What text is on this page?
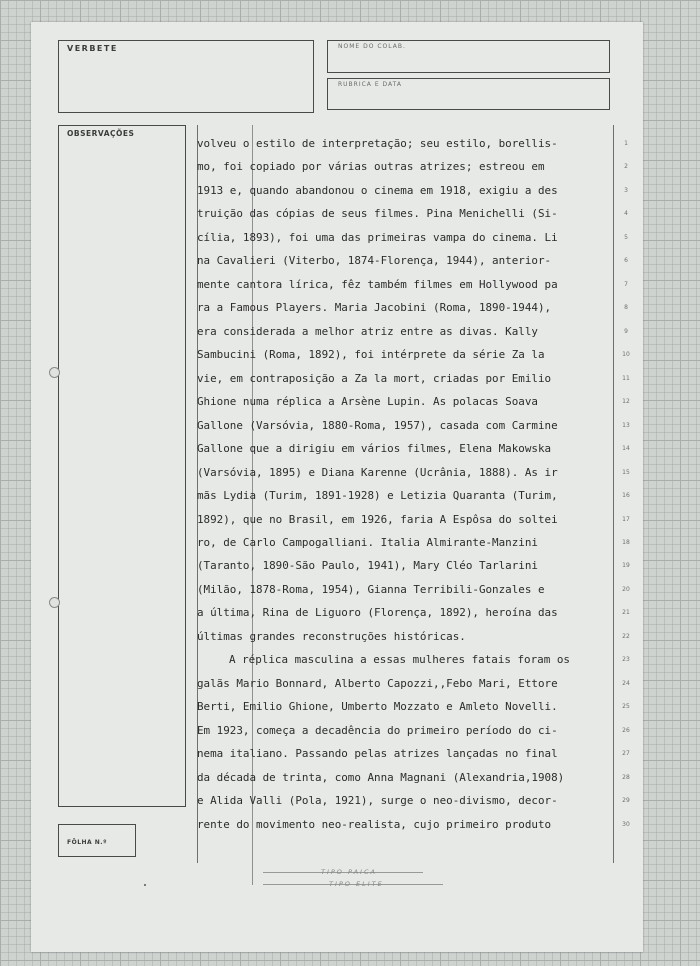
VERBETE	NOME DO COLAB.
RUBRICA E DATA
OBSERVAÇÕES
FÔLHA N.º
volveu o estilo de interpretação; seu estilo, borellis-
mo, foi copiado por várias outras atrizes; estreou em
1913 e, quando abandonou o cinema em 1918, exigiu a des
truição das cópias de seus filmes. Pina Menichelli (Si-
cília, 1893), foi uma das primeiras vampa do cinema. Li
na Cavalieri (Viterbo, 1874-Florença, 1944), anterior-
mente cantora lírica, fêz também filmes em Hollywood pa
ra a Famous Players. Maria Jacobini (Roma, 1890-1944),
era considerada a melhor atriz entre as divas. Kally
Sambucini (Roma, 1892), foi intérprete da série Za la
vie, em contraposição a Za la mort, criadas por Emilio
Ghione numa réplica a Arsène Lupin. As polacas Soava
Gallone (Varsóvia, 1880-Roma, 1957), casada com Carmine
Gallone que a dirigiu em vários filmes, Elena Makowska
(Varsóvia, 1895) e Diana Karenne (Ucrânia, 1888). As ir
mãs Lydia (Turim, 1891-1928) e Letizia Quaranta (Turim,
1892), que no Brasil, em 1926, faria A Espôsa do soltei
ro, de Carlo Campogalliani. Italia Almirante-Manzini
(Taranto, 1890-São Paulo, 1941), Mary Cléo Tarlarini
(Milão, 1878-Roma, 1954), Gianna Terribili-Gonzales e
a última, Rina de Liguoro (Florença, 1892), heroína das
últimas grandes reconstruções históricas.
A réplica masculina a essas mulheres fatais foram os
galãs Mario Bonnard, Alberto Capozzi,,Febo Mari, Ettore
Berti, Emilio Ghione, Umberto Mozzato e Amleto Novelli.
Em 1923, começa a decadência do primeiro período do ci-
nema italiano. Passando pelas atrizes lançadas no final
da década de trinta, como Anna Magnani (Alexandria,1908)
e Alida Valli (Pola, 1921), surge o neo-divismo, decor-
rente do movimento neo-realista, cujo primeiro produto
1
2
3
4
5
6
7
8
9
10
11
12
13
14
15
16
17
18
19
20
21
22
23
24
25
26
27
28
29
30
TIPO PAICA
TIPO ELITE
